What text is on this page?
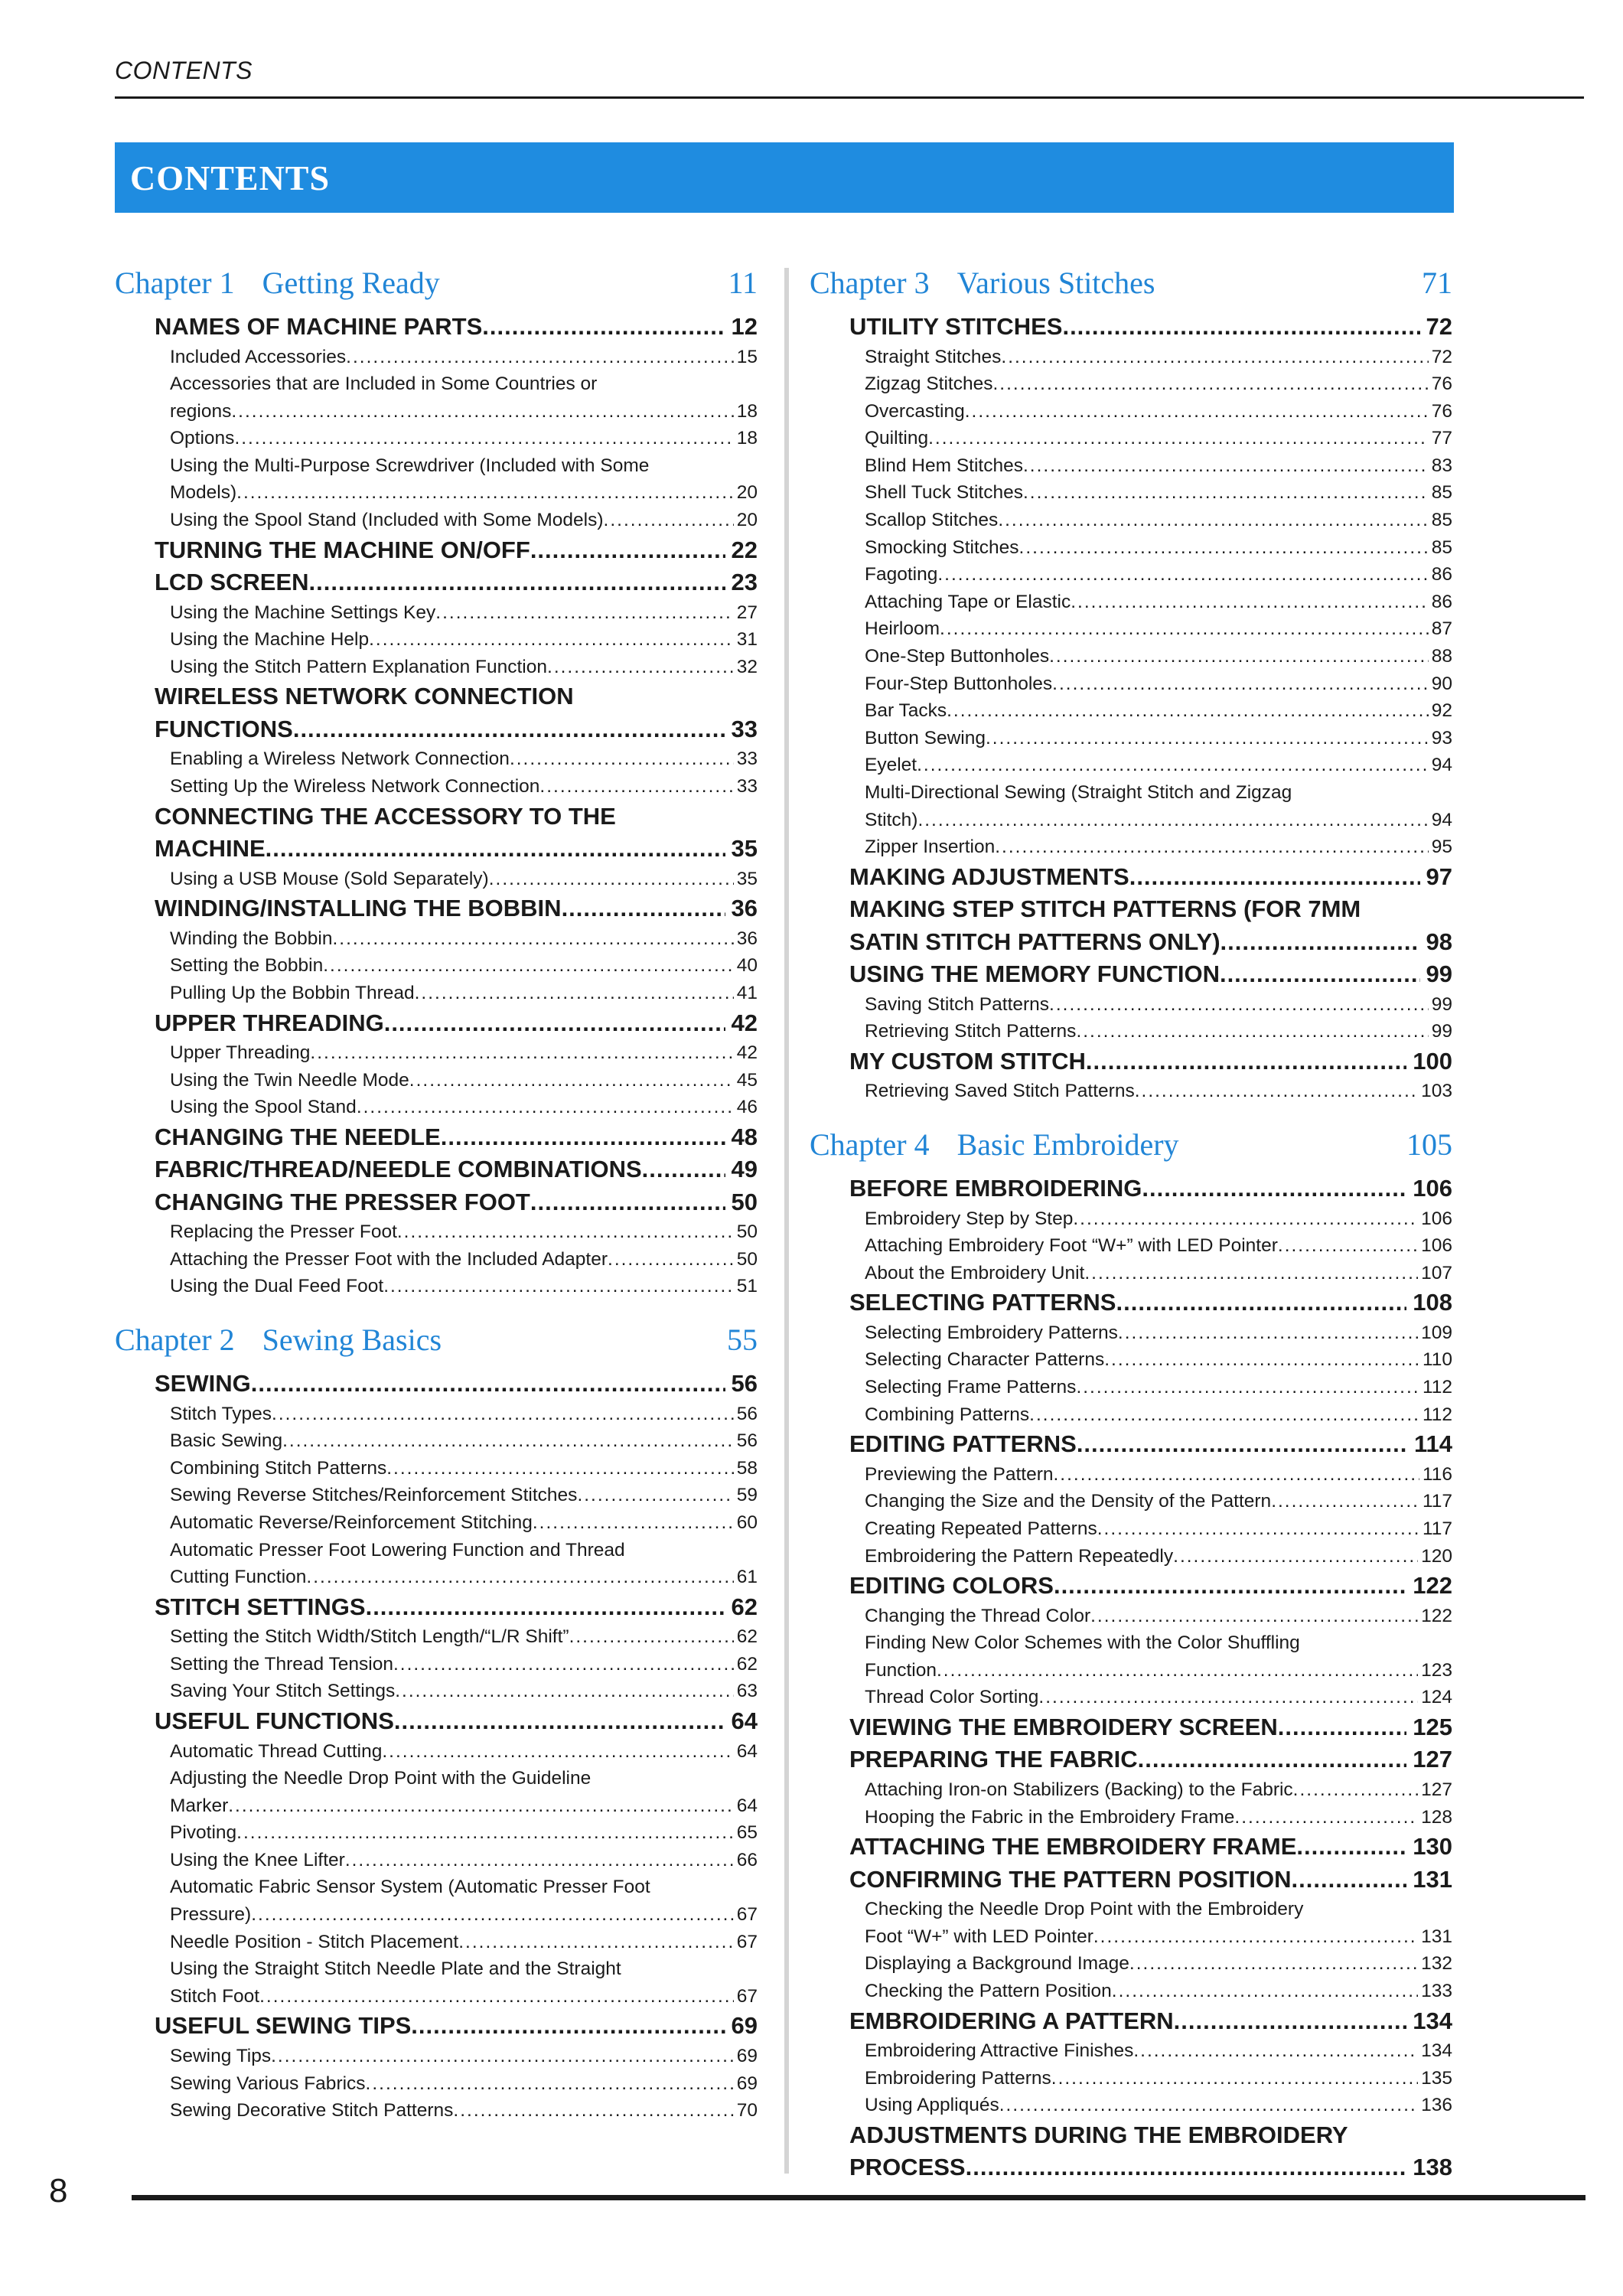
CONTENTS
CONTENTS
Chapter 1 Getting Ready	11
NAMES OF MACHINE PARTS .....	12
Included Accessories .....	15
Accessories that are Included in Some Countries or
regions .....	18
Options .....	18
Using the Multi-Purpose Screwdriver (Included with Some
Models) .....	20
Using the Spool Stand (Included with Some Models) .....	20
TURNING THE MACHINE ON/OFF .....	22
LCD SCREEN .....	23
Using the Machine Settings Key .....	27
Using the Machine Help .....	31
Using the Stitch Pattern Explanation Function .....	32
WIRELESS NETWORK CONNECTION
FUNCTIONS .....	33
Enabling a Wireless Network Connection .....	33
Setting Up the Wireless Network Connection .....	33
CONNECTING THE ACCESSORY TO THE
MACHINE .....	35
Using a USB Mouse (Sold Separately) .....	35
WINDING/INSTALLING THE BOBBIN .....	36
Winding the Bobbin .....	36
Setting the Bobbin .....	40
Pulling Up the Bobbin Thread .....	41
UPPER THREADING .....	42
Upper Threading .....	42
Using the Twin Needle Mode .....	45
Using the Spool Stand .....	46
CHANGING THE NEEDLE .....	48
FABRIC/THREAD/NEEDLE COMBINATIONS .....	49
CHANGING THE PRESSER FOOT .....	50
Replacing the Presser Foot .....	50
Attaching the Presser Foot with the Included Adapter .....	50
Using the Dual Feed Foot .....	51
Chapter 2 Sewing Basics	55
SEWING .....	56
Stitch Types .....	56
Basic Sewing .....	56
Combining Stitch Patterns .....	58
Sewing Reverse Stitches/Reinforcement Stitches .....	59
Automatic Reverse/Reinforcement Stitching .....	60
Automatic Presser Foot Lowering Function and Thread
Cutting Function .....	61
STITCH SETTINGS .....	62
Setting the Stitch Width/Stitch Length/“L/R Shift” .....	62
Setting the Thread Tension .....	62
Saving Your Stitch Settings .....	63
USEFUL FUNCTIONS .....	64
Automatic Thread Cutting .....	64
Adjusting the Needle Drop Point with the Guideline
Marker .....	64
Pivoting .....	65
Using the Knee Lifter .....	66
Automatic Fabric Sensor System (Automatic Presser Foot
Pressure) .....	67
Needle Position - Stitch Placement .....	67
Using the Straight Stitch Needle Plate and the Straight
Stitch Foot .....	67
USEFUL SEWING TIPS .....	69
Sewing Tips .....	69
Sewing Various Fabrics .....	69
Sewing Decorative Stitch Patterns .....	70
Chapter 3 Various Stitches	71
UTILITY STITCHES .....	72
Straight Stitches .....	72
Zigzag Stitches .....	76
Overcasting .....	76
Quilting .....	77
Blind Hem Stitches .....	83
Shell Tuck Stitches .....	85
Scallop Stitches .....	85
Smocking Stitches .....	85
Fagoting .....	86
Attaching Tape or Elastic .....	86
Heirloom .....	87
One-Step Buttonholes .....	88
Four-Step Buttonholes .....	90
Bar Tacks .....	92
Button Sewing .....	93
Eyelet .....	94
Multi-Directional Sewing (Straight Stitch and Zigzag
Stitch) .....	94
Zipper Insertion .....	95
MAKING ADJUSTMENTS .....	97
MAKING STEP STITCH PATTERNS (FOR 7MM
SATIN STITCH PATTERNS ONLY) .....	98
USING THE MEMORY FUNCTION .....	99
Saving Stitch Patterns .....	99
Retrieving Stitch Patterns .....	99
MY CUSTOM STITCH .....	100
Retrieving Saved Stitch Patterns .....	103
Chapter 4 Basic Embroidery	105
BEFORE EMBROIDERING .....	106
Embroidery Step by Step .....	106
Attaching Embroidery Foot “W+” with LED Pointer .....	106
About the Embroidery Unit .....	107
SELECTING PATTERNS .....	108
Selecting Embroidery Patterns .....	109
Selecting Character Patterns .....	110
Selecting Frame Patterns .....	112
Combining Patterns .....	112
EDITING PATTERNS .....	114
Previewing the Pattern .....	116
Changing the Size and the Density of the Pattern .....	117
Creating Repeated Patterns .....	117
Embroidering the Pattern Repeatedly .....	120
EDITING COLORS .....	122
Changing the Thread Color .....	122
Finding New Color Schemes with the Color Shuffling
Function .....	123
Thread Color Sorting .....	124
VIEWING THE EMBROIDERY SCREEN .....	125
PREPARING THE FABRIC .....	127
Attaching Iron-on Stabilizers (Backing) to the Fabric .....	127
Hooping the Fabric in the Embroidery Frame .....	128
ATTACHING THE EMBROIDERY FRAME .....	130
CONFIRMING THE PATTERN POSITION .....	131
Checking the Needle Drop Point with the Embroidery
Foot “W+” with LED Pointer .....	131
Displaying a Background Image .....	132
Checking the Pattern Position .....	133
EMBROIDERING A PATTERN .....	134
Embroidering Attractive Finishes .....	134
Embroidering Patterns .....	135
Using Appliqués .....	136
ADJUSTMENTS DURING THE EMBROIDERY
PROCESS .....	138
8
